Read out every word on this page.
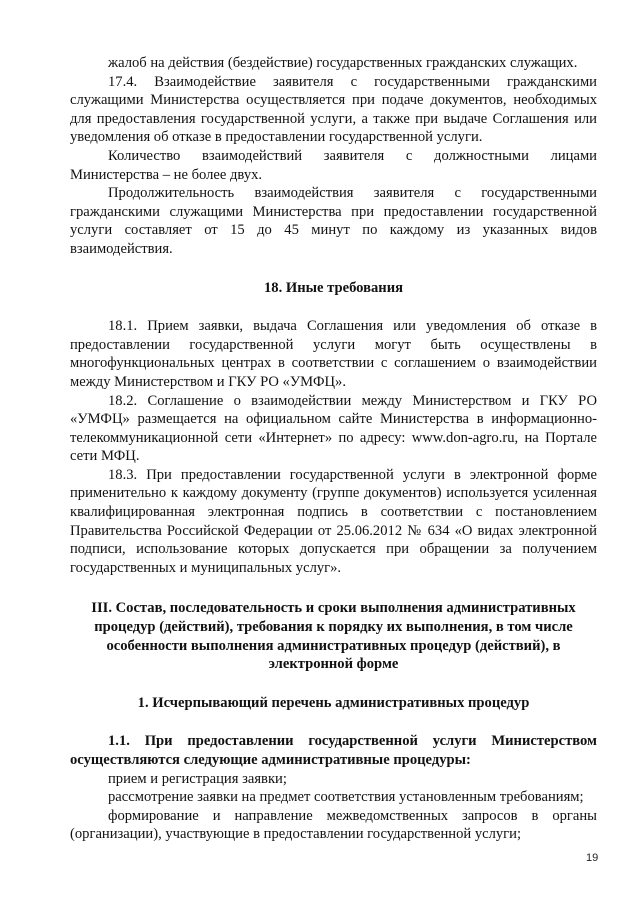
жалоб на действия (бездействие) государственных гражданских служащих.

17.4. Взаимодействие заявителя с государственными гражданскими служащими Министерства осуществляется при подаче документов, необходимых для предоставления государственной услуги, а также при выдаче Соглашения или уведомления об отказе в предоставлении государственной услуги.

Количество взаимодействий заявителя с должностными лицами Министерства – не более двух.

Продолжительность взаимодействия заявителя с государственными гражданскими служащими Министерства при предоставлении государственной услуги составляет от 15 до 45 минут по каждому из указанных видов взаимодействия.

18. Иные требования

18.1. Прием заявки, выдача Соглашения или уведомления об отказе в предоставлении государственной услуги могут быть осуществлены в многофункциональных центрах в соответствии с соглашением о взаимодействии между Министерством и ГКУ РО «УМФЦ».

18.2. Соглашение о взаимодействии между Министерством и ГКУ РО «УМФЦ» размещается на официальном сайте Министерства в информационно-телекоммуникационной сети «Интернет» по адресу: www.don-agro.ru, на Портале сети МФЦ.

18.3. При предоставлении государственной услуги в электронной форме применительно к каждому документу (группе документов) используется усиленная квалифицированная электронная подпись в соответствии с постановлением Правительства Российской Федерации от 25.06.2012 № 634 «О видах электронной подписи, использование которых допускается при обращении за получением государственных и муниципальных услуг».

III. Состав, последовательность и сроки выполнения административных процедур (действий), требования к порядку их выполнения, в том числе особенности выполнения административных процедур (действий), в электронной форме

1. Исчерпывающий перечень административных процедур

1.1. При предоставлении государственной услуги Министерством осуществляются следующие административные процедуры:

прием и регистрация заявки;

рассмотрение заявки на предмет соответствия установленным требованиям;

формирование и направление межведомственных запросов в органы (организации), участвующие в предоставлении государственной услуги;

19
